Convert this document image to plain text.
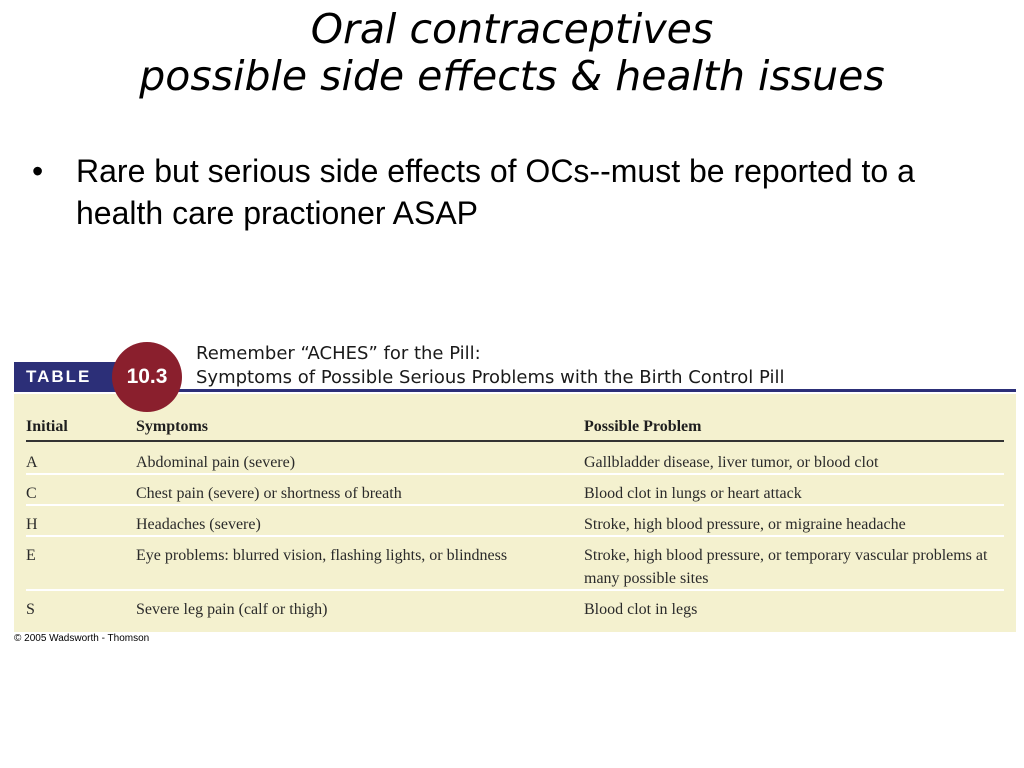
Oral contraceptives
possible side effects & health issues
• Rare but serious side effects of OCs--must be reported to a health care practioner ASAP
TABLE	10.3
Remember “ACHES” for the Pill:
Symptoms of Possible Serious Problems with the Birth Control Pill
Initial	Symptoms	Possible Problem
A	Abdominal pain (severe)	Gallbladder disease, liver tumor, or blood clot
C	Chest pain (severe) or shortness of breath	Blood clot in lungs or heart attack
H	Headaches (severe)	Stroke, high blood pressure, or migraine headache
E	Eye problems: blurred vision, flashing lights, or blindness	Stroke, high blood pressure, or temporary vascular problems at many possible sites
S	Severe leg pain (calf or thigh)	Blood clot in legs
© 2005 Wadsworth - Thomson
